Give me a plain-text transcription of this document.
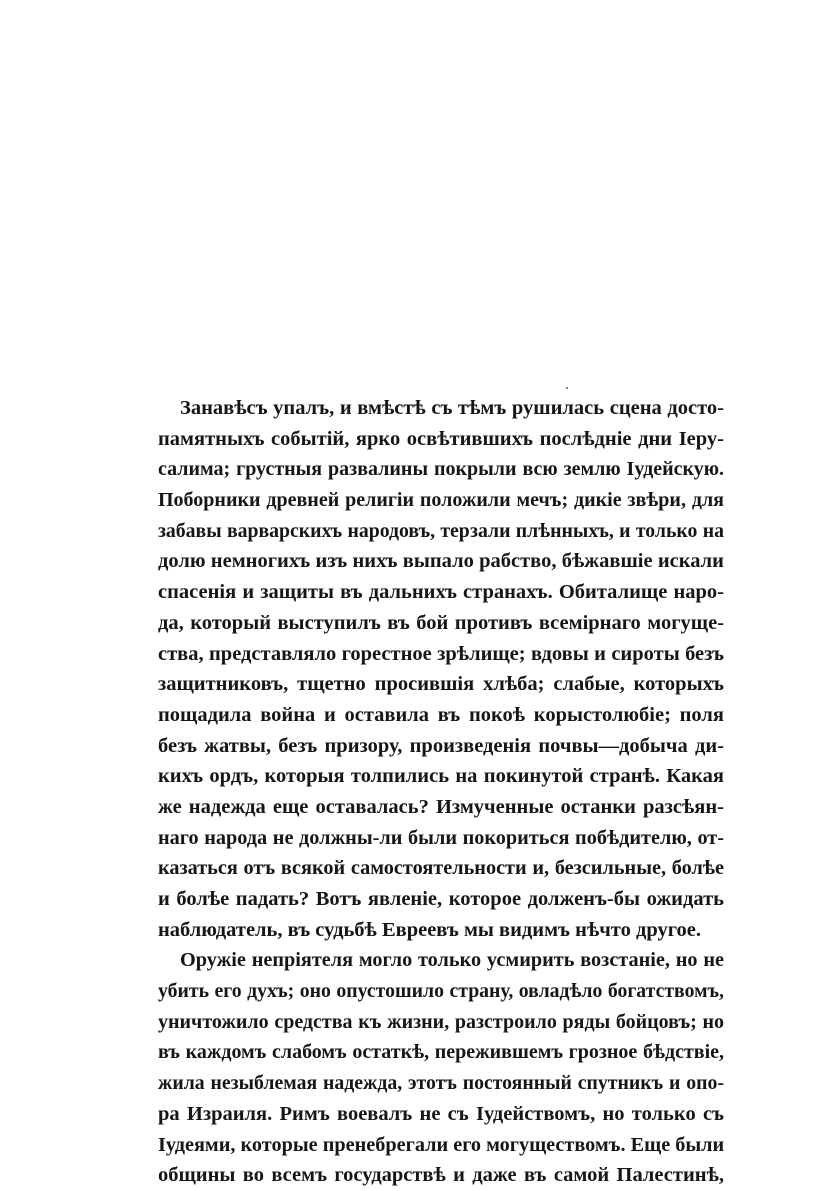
Занавѣсъ упалъ, и вмѣстѣ съ тѣмъ рушилась сцена досто-
памятныхъ событій, ярко освѣтившихъ послѣдніе дни Іеру-
салима; грустныя развалины покрыли всю землю Іудейскую.
Поборники древней религіи положили мечъ; дикіе звѣри, для
забавы варварскихъ народовъ, терзали плѣнныхъ, и только на
долю немногихъ изъ нихъ выпало рабство, бѣжавшіе искали
спасенія и защиты въ дальнихъ странахъ. Обиталище наро-
да, который выступилъ въ бой противъ всемірнаго могуще-
ства, представляло горестное зрѣлище; вдовы и сироты безъ
защитниковъ, тщетно просившія хлѣба; слабые, которыхъ
пощадила война и оставила въ покоѣ корыстолюбіе; поля
безъ жатвы, безъ призору, произведенія почвы—добыча ди-
кихъ ордъ, которыя толпились на покинутой странѣ. Какая
же надежда еще оставалась? Измученные останки разсѣян-
наго народа не должны-ли были покориться побѣдителю, от-
казаться отъ всякой самостоятельности и, безсильные, болѣе
и болѣе падать? Вотъ явленіе, которое долженъ-бы ожидать
наблюдатель, въ судьбѣ Евреевъ мы видимъ нѣчто другое.
Оружіе непріятеля могло только усмирить возстаніе, но не
убить его духъ; оно опустошило страну, овладѣло богатствомъ,
уничтожило средства къ жизни, разстроило ряды бойцовъ; но
въ каждомъ слабомъ остаткѣ, пережившемъ грозное бѣдствіе,
жила незыблемая надежда, этотъ постоянный спутникъ и опо-
ра Израиля. Римъ воевалъ не съ Іудействомъ, но только съ
Іудеями, которые пренебрегали его могуществомъ. Еще были
общины во всемъ государствѣ и даже въ самой Палестинѣ,
